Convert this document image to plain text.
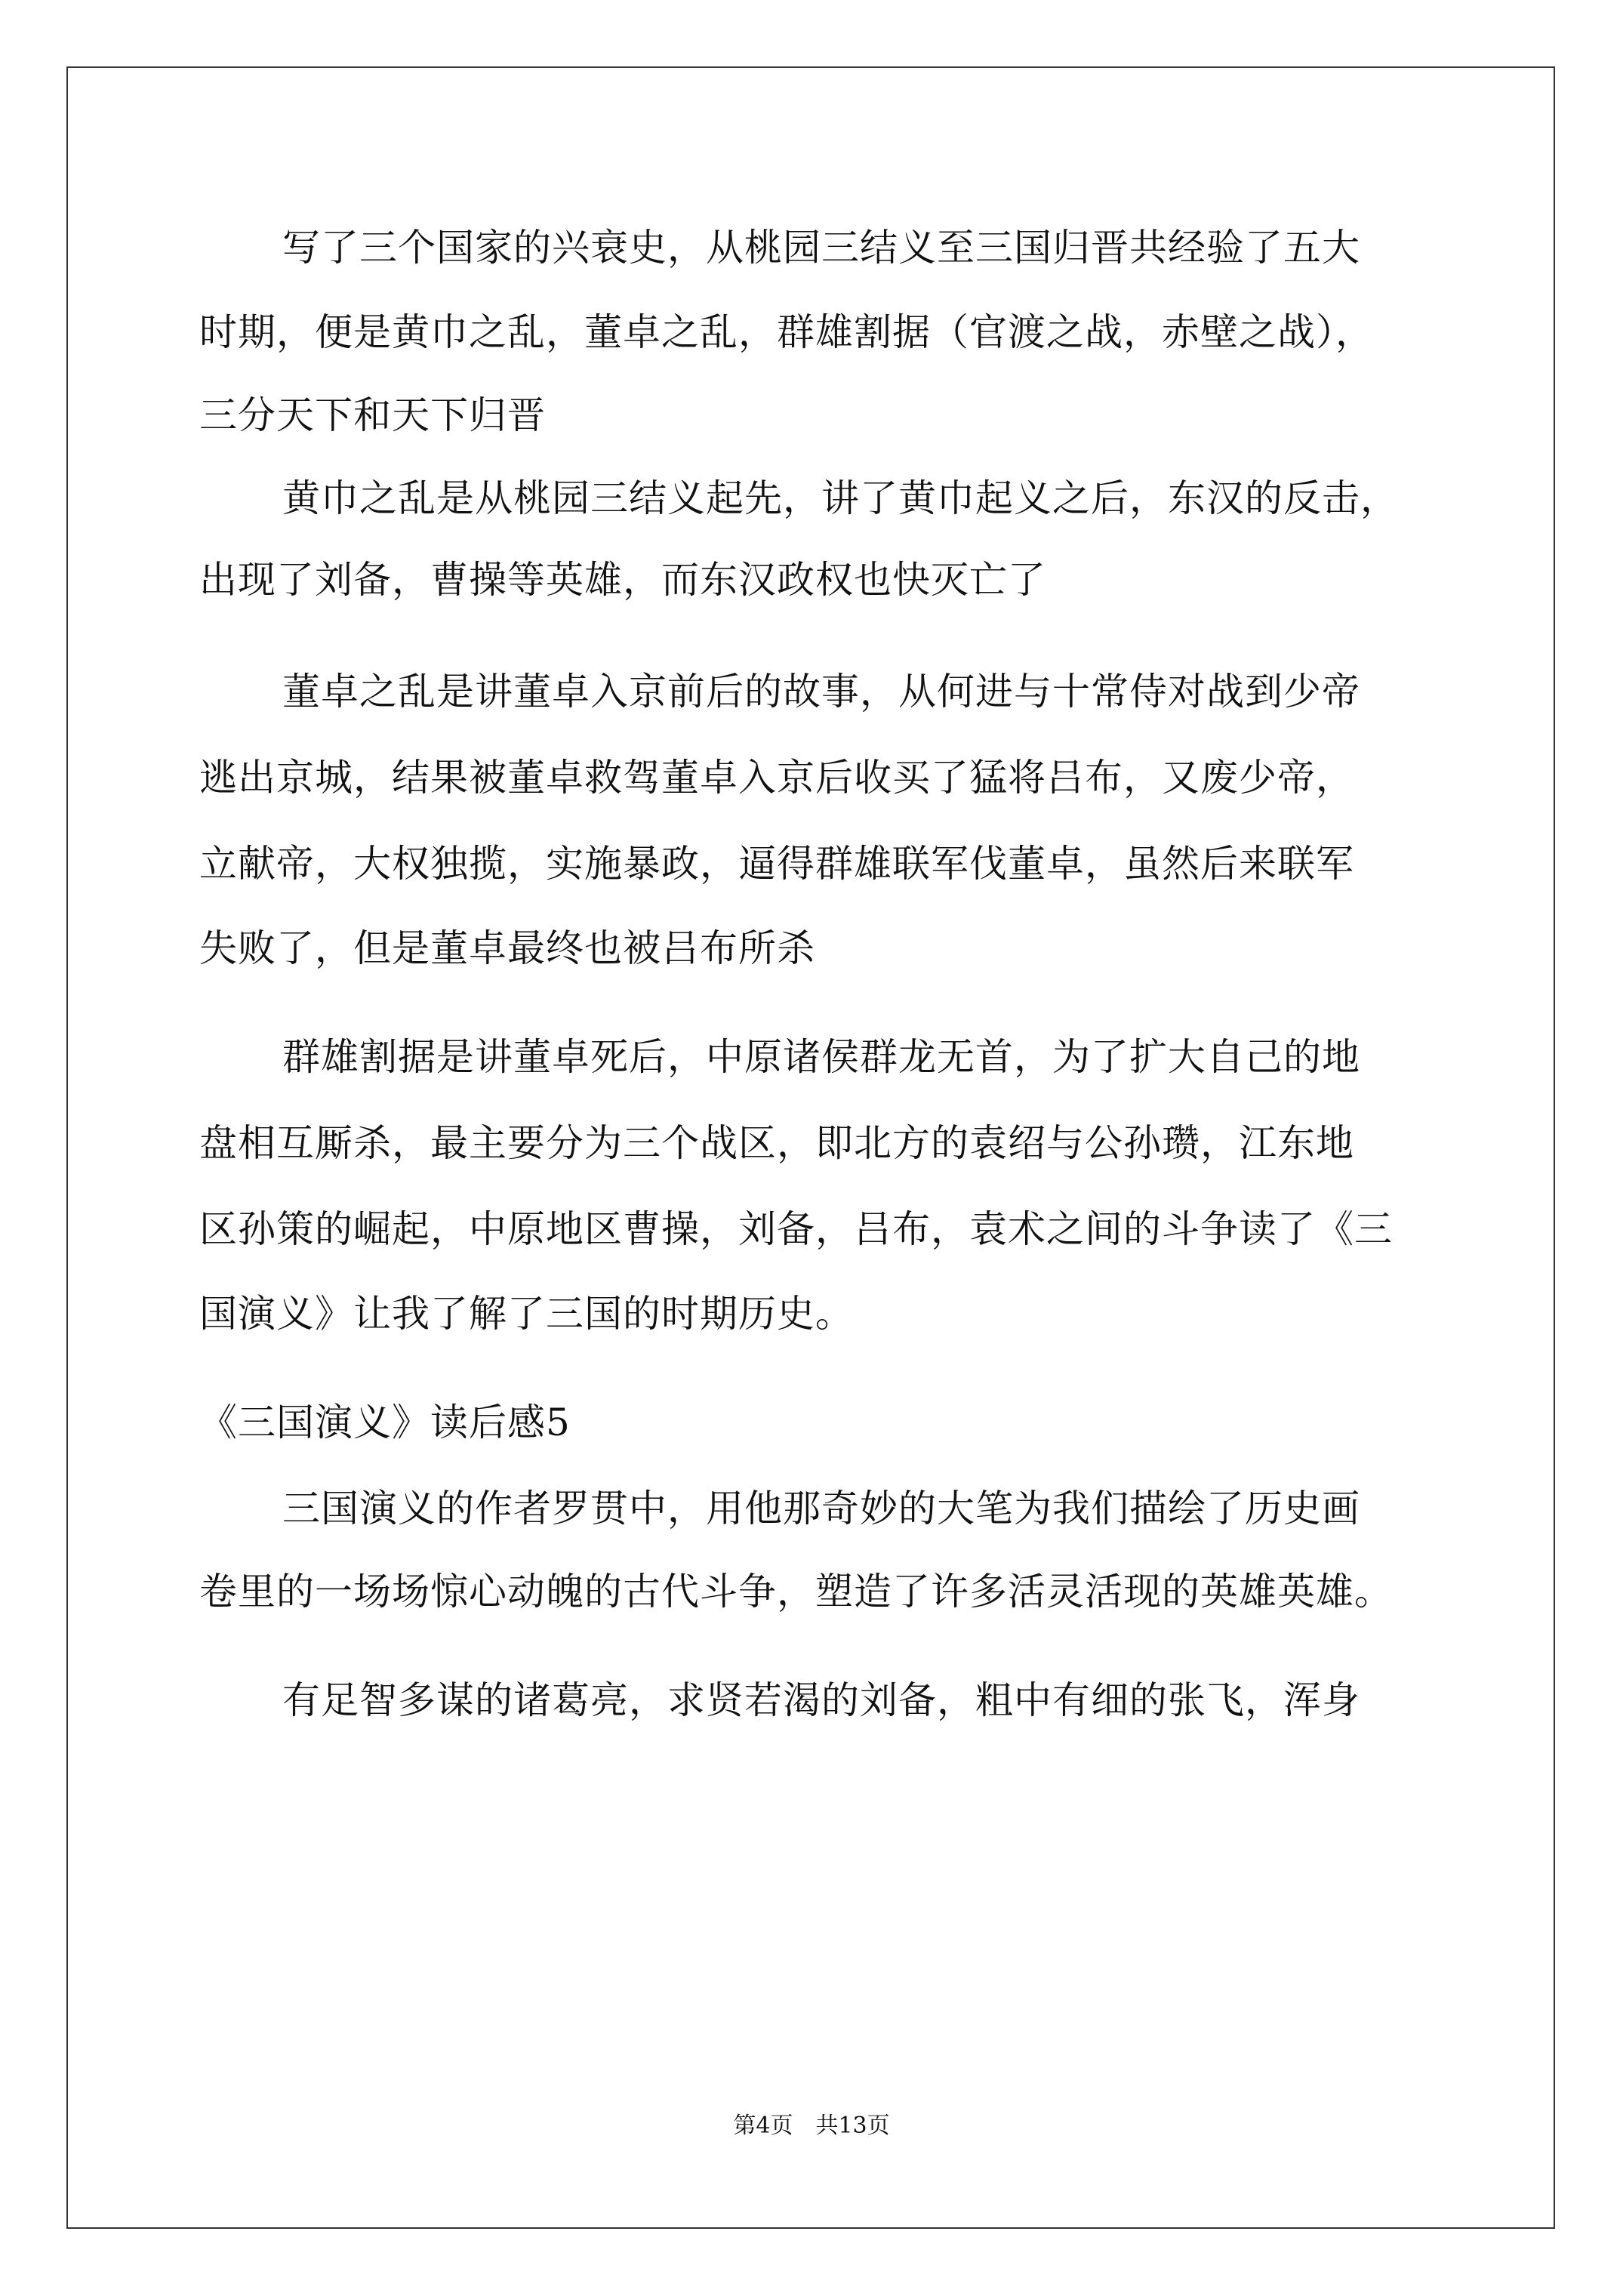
写了三个国家的兴衰史，从桃园三结义至三国归晋共经验了五大
时期，便是黄巾之乱，董卓之乱，群雄割据（官渡之战，赤壁之战），
三分天下和天下归晋
黄巾之乱是从桃园三结义起先，讲了黄巾起义之后，东汉的反击，
出现了刘备，曹操等英雄，而东汉政权也快灭亡了
董卓之乱是讲董卓入京前后的故事，从何进与十常侍对战到少帝
逃出京城，结果被董卓救驾董卓入京后收买了猛将吕布，又废少帝，
立献帝，大权独揽，实施暴政，逼得群雄联军伐董卓，虽然后来联军
失败了，但是董卓最终也被吕布所杀
群雄割据是讲董卓死后，中原诸侯群龙无首，为了扩大自己的地
盘相互厮杀，最主要分为三个战区，即北方的袁绍与公孙瓒，江东地
区孙策的崛起，中原地区曹操，刘备，吕布，袁术之间的斗争读了《三
国演义》让我了解了三国的时期历史。
《三国演义》读后感5
三国演义的作者罗贯中，用他那奇妙的大笔为我们描绘了历史画
卷里的一场场惊心动魄的古代斗争，塑造了许多活灵活现的英雄英雄。
有足智多谋的诸葛亮，求贤若渴的刘备，粗中有细的张飞，浑身
第4页　共13页
